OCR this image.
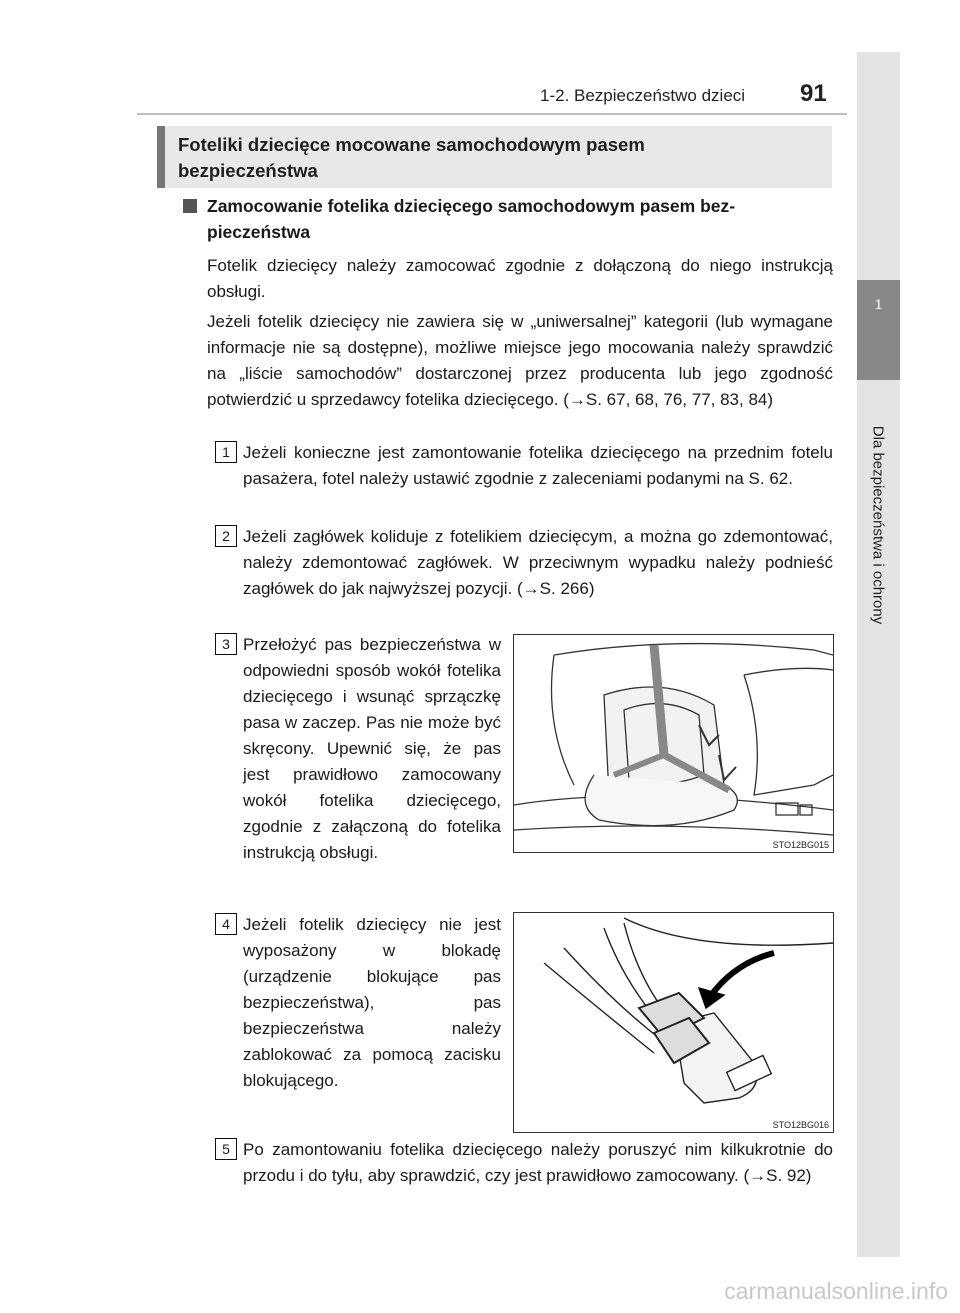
1-2. Bezpieczeństwo dzieci 91
1
Dla bezpieczeństwa i ochrony
Foteliki dziecięce mocowane samochodowym pasem bezpieczeństwa
Zamocowanie fotelika dziecięcego samochodowym pasem bez-
pieczeństwa
Fotelik dziecięcy należy zamocować zgodnie z dołączoną do niego instrukcją obsługi.
Jeżeli fotelik dziecięcy nie zawiera się w „uniwersalnej” kategorii (lub wymagane informacje nie są dostępne), możliwe miejsce jego mocowania należy sprawdzić na „liście samochodów” dostarczonej przez producenta lub jego zgodność potwierdzić u sprzedawcy fotelika dziecięcego. (→S. 67, 68, 76, 77, 83, 84)
1 Jeżeli konieczne jest zamontowanie fotelika dziecięcego na przednim fotelu pasażera, fotel należy ustawić zgodnie z zaleceniami podanymi na S. 62.
2 Jeżeli zagłówek koliduje z fotelikiem dziecięcym, a można go zdemontować, należy zdemontować zagłówek. W przeciwnym wypadku należy podnieść zagłówek do jak najwyższej pozycji. (→S. 266)
3 Przełożyć pas bezpieczeństwa w odpowiedni sposób wokół fotelika dziecięcego i wsunąć sprzączkę pasa w zaczep. Pas nie może być skręcony. Upewnić się, że pas jest prawidłowo zamocowany wokół fotelika dziecięcego, zgodnie z załączoną do fotelika instrukcją obsługi.	STO12BG015
4 Jeżeli fotelik dziecięcy nie jest wyposażony w blokadę (urządzenie blokujące pas bezpieczeństwa), pas bezpieczeństwa należy zablokować za pomocą zacisku blokującego.
STO12BG016
5 Po zamontowaniu fotelika dziecięcego należy poruszyć nim kilkukrotnie do przodu i do tyłu, aby sprawdzić, czy jest prawidłowo zamocowany. (→S. 92)
carmanualsonline.info
